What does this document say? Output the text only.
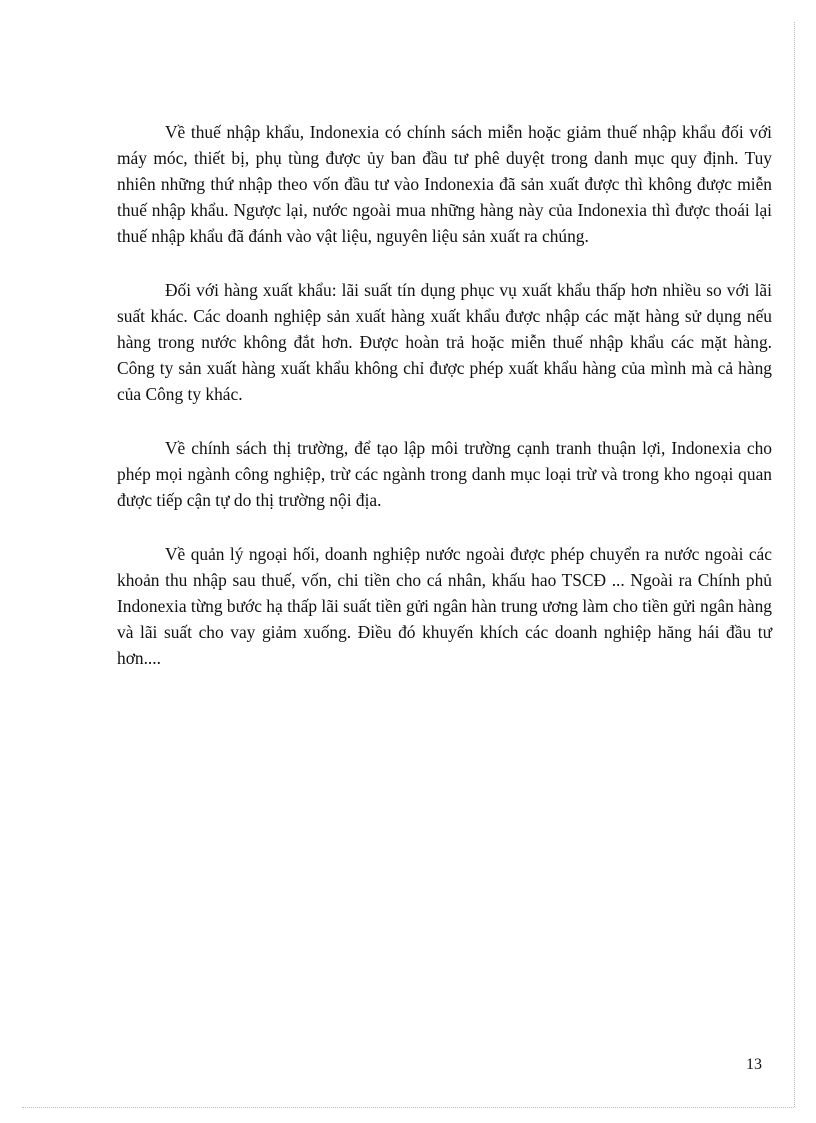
Về thuế nhập khẩu, Indonexia có chính sách miễn hoặc giảm thuế nhập khẩu đối với máy móc, thiết bị, phụ tùng được ủy ban đầu tư phê duyệt trong danh mục quy định. Tuy nhiên những thứ nhập theo vốn đầu tư vào Indonexia đã sản xuất được thì không được miễn thuế nhập khẩu. Ngược lại, nước ngoài mua những hàng này của Indonexia thì được thoái lại thuế nhập khẩu đã đánh vào vật liệu, nguyên liệu sản xuất ra chúng.

Đối với hàng xuất khẩu: lãi suất tín dụng phục vụ xuất khẩu thấp hơn nhiều so với lãi suất khác. Các doanh nghiệp sản xuất hàng xuất khẩu được nhập các mặt hàng sử dụng nếu hàng trong nước không đắt hơn. Được hoàn trả hoặc miễn thuế nhập khẩu các mặt hàng. Công ty sản xuất hàng xuất khẩu không chỉ được phép xuất khẩu hàng của mình mà cả hàng của Công ty khác.

Về chính sách thị trường, để tạo lập môi trường cạnh tranh thuận lợi, Indonexia cho phép mọi ngành công nghiệp, trừ các ngành trong danh mục loại trừ và trong kho ngoại quan được tiếp cận tự do thị trường nội địa.

Về quản lý ngoại hối, doanh nghiệp nước ngoài được phép chuyển ra nước ngoài các khoản thu nhập sau thuế, vốn, chi tiền cho cá nhân, khấu hao TSCĐ ... Ngoài ra Chính phủ Indonexia từng bước hạ thấp lãi suất tiền gửi ngân hàn trung ương làm cho tiền gửi ngân hàng và lãi suất cho vay giảm xuống. Điều đó khuyến khích các doanh nghiệp hăng hái đầu tư hơn....

13
